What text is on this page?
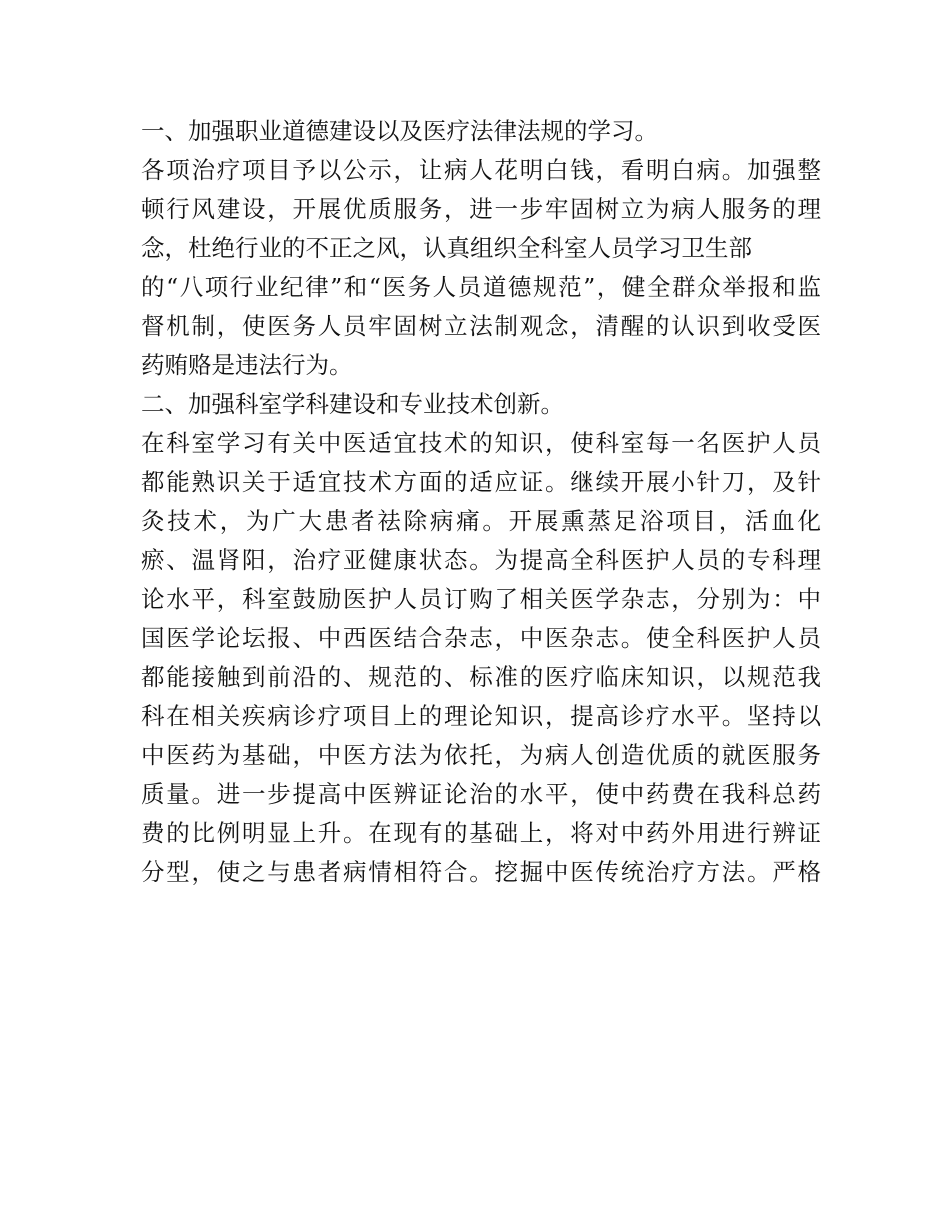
一、加强职业道德建设以及医疗法律法规的学习。
各项治疗项目予以公示，让病人花明白钱，看明白病。加强整
顿行风建设，开展优质服务，进一步牢固树立为病人服务的理
念，杜绝行业的不正之风，认真组织全科室人员学习卫生部
的“八项行业纪律”和“医务人员道德规范”，健全群众举报和监
督机制，使医务人员牢固树立法制观念，清醒的认识到收受医
药贿赂是违法行为。
二、加强科室学科建设和专业技术创新。
在科室学习有关中医适宜技术的知识，使科室每一名医护人员
都能熟识关于适宜技术方面的适应证。继续开展小针刀，及针
灸技术，为广大患者祛除病痛。开展熏蒸足浴项目，活血化
瘀、温肾阳，治疗亚健康状态。为提高全科医护人员的专科理
论水平，科室鼓励医护人员订购了相关医学杂志，分别为：中
国医学论坛报、中西医结合杂志，中医杂志。使全科医护人员
都能接触到前沿的、规范的、标准的医疗临床知识，以规范我
科在相关疾病诊疗项目上的理论知识，提高诊疗水平。坚持以
中医药为基础，中医方法为依托，为病人创造优质的就医服务
质量。进一步提高中医辨证论治的水平，使中药费在我科总药
费的比例明显上升。在现有的基础上，将对中药外用进行辨证
分型，使之与患者病情相符合。挖掘中医传统治疗方法。严格
